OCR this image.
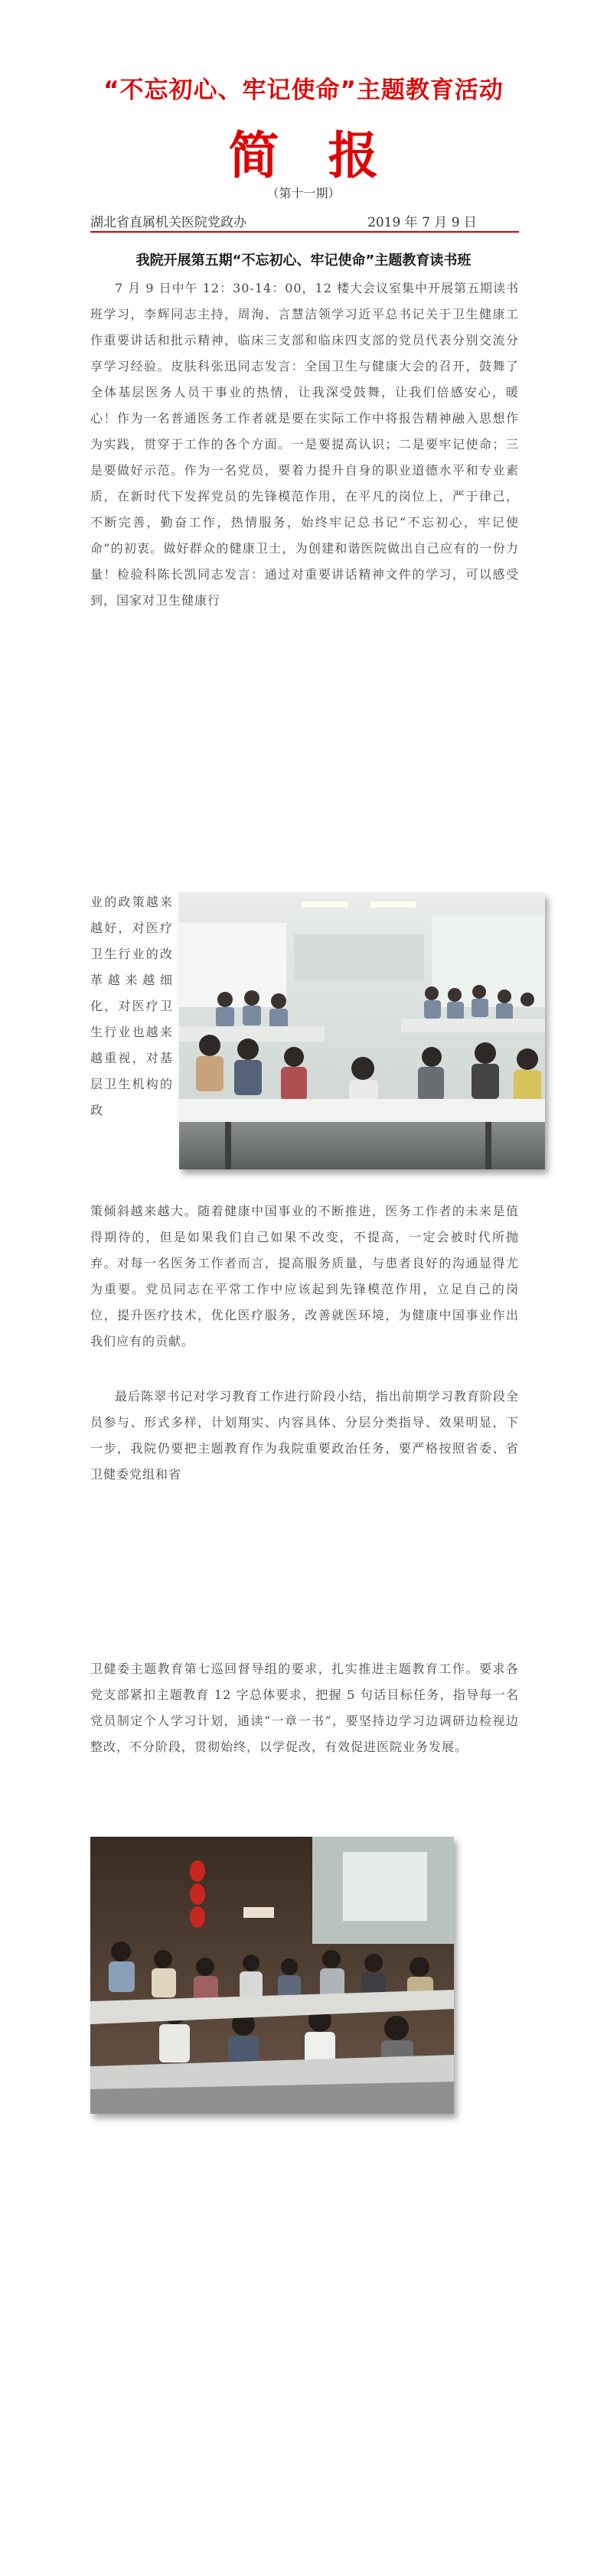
“不忘初心、牢记使命”主题教育活动
简报
（第十一期）
湖北省直属机关医院党政办	2019 年 7 月 9 日
我院开展第五期“不忘初心、牢记使命”主题教育读书班

7 月 9 日中午 12：30-14：00，12 楼大会议室集中开展第五期读书班学习，李辉同志主持，周洵、言慧洁领学习近平总书记关于卫生健康工作重要讲话和批示精神，临床三支部和临床四支部的党员代表分别交流分享学习经验。皮肤科张迅同志发言：全国卫生与健康大会的召开，鼓舞了全体基层医务人员干事业的热情，让我深受鼓舞，让我们倍感安心，暖心！作为一名普通医务工作者就是要在实际工作中将报告精神融入思想作为实践，贯穿于工作的各个方面。一是要提高认识；二是要牢记使命；三是要做好示范。作为一名党员，要着力提升自身的职业道德水平和专业素质，在新时代下发挥党员的先锋模范作用，在平凡的岗位上，严于律己，不断完善，勤奋工作，热情服务，始终牢记总书记“不忘初心，牢记使命”的初衷。做好群众的健康卫士，为创建和谐医院做出自己应有的一份力量！检验科陈长凯同志发言：通过对重要讲话精神文件的学习，可以感受到，国家对卫生健康行

业的政策越来越好，对医疗卫生行业的改革越来越细化，对医疗卫生行业也越来越重视，对基层卫生机构的政

策倾斜越来越大。随着健康中国事业的不断推进，医务工作者的未来是值得期待的，但是如果我们自己如果不改变，不提高，一定会被时代所抛弃。对每一名医务工作者而言，提高服务质量，与患者良好的沟通显得尤为重要。党员同志在平常工作中应该起到先锋模范作用，立足自己的岗位，提升医疗技术，优化医疗服务，改善就医环境，为健康中国事业作出我们应有的贡献。

最后陈翠书记对学习教育工作进行阶段小结，指出前期学习教育阶段全员参与、形式多样，计划翔实、内容具体、分层分类指导、效果明显，下一步，我院仍要把主题教育作为我院重要政治任务，要严格按照省委、省卫健委党组和省

卫健委主题教育第七巡回督导组的要求，扎实推进主题教育工作。要求各党支部紧扣主题教育 12 字总体要求，把握 5 句话目标任务，指导每一名党员制定个人学习计划，通读“一章一书”，要坚持边学习边调研边检视边整改，不分阶段，贯彻始终，以学促改，有效促进医院业务发展。
